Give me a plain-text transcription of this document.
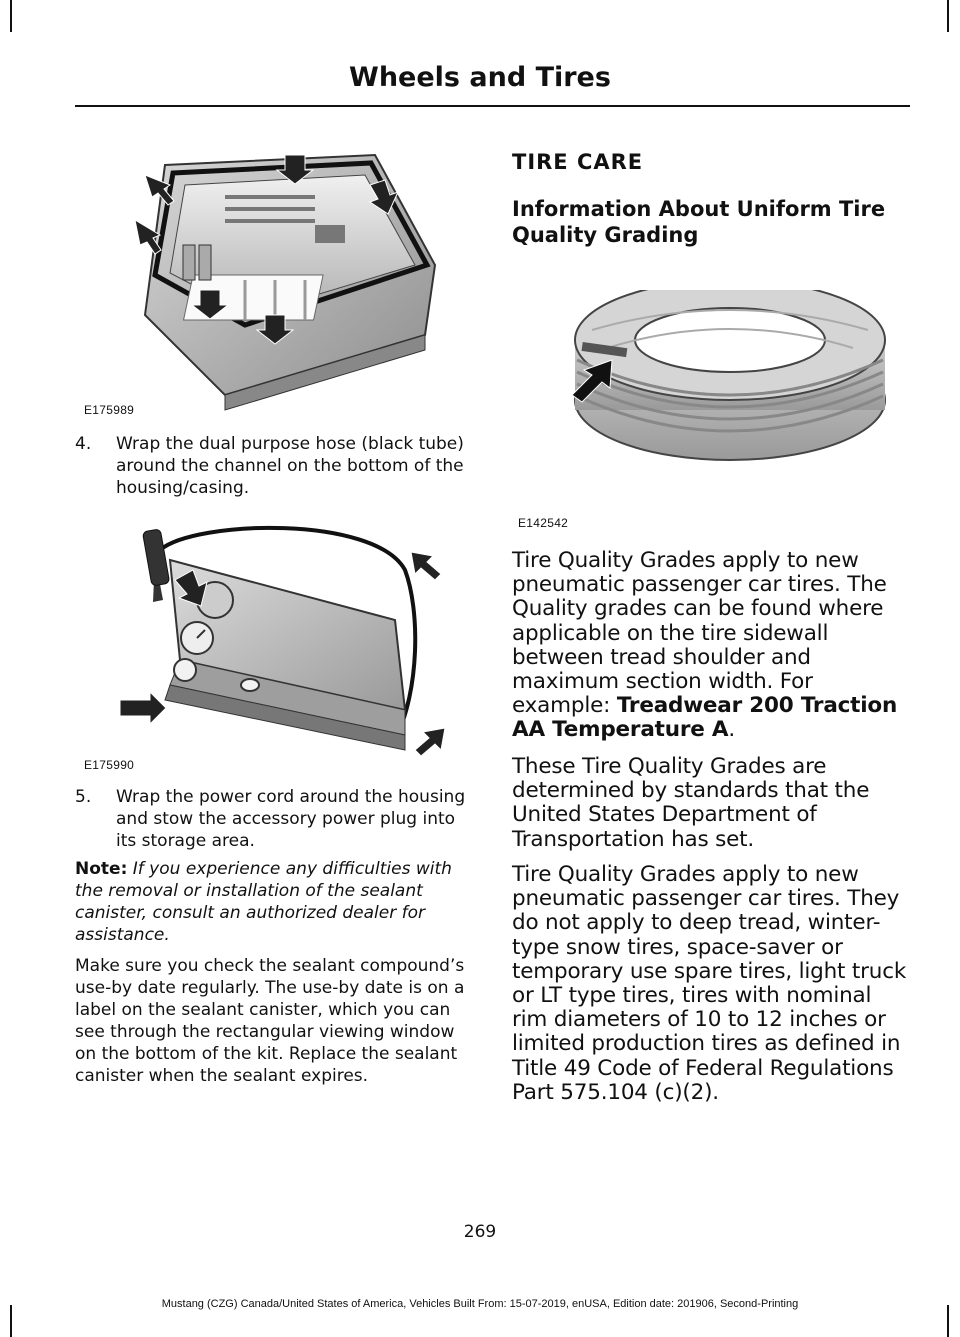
Wheels and Tires
E175989
4. Wrap the dual purpose hose (black tube) around the channel on the bottom of the housing/casing.
E175990
5. Wrap the power cord around the housing and stow the accessory power plug into its storage area.
Note: If you experience any difficulties with the removal or installation of the sealant canister, consult an authorized dealer for assistance.
Make sure you check the sealant compound’s use-by date regularly. The use-by date is on a label on the sealant canister, which you can see through the rectangular viewing window on the bottom of the kit. Replace the sealant canister when the sealant expires.
TIRE CARE
Information About Uniform Tire Quality Grading
E142542
Tire Quality Grades apply to new pneumatic passenger car tires. The Quality grades can be found where applicable on the tire sidewall between tread shoulder and maximum section width. For example: Treadwear 200 Traction AA Temperature A.
These Tire Quality Grades are determined by standards that the United States Department of Transportation has set.
Tire Quality Grades apply to new pneumatic passenger car tires. They do not apply to deep tread, winter-type snow tires, space-saver or temporary use spare tires, light truck or LT type tires, tires with nominal rim diameters of 10 to 12 inches or limited production tires as defined in Title 49 Code of Federal Regulations Part 575.104 (c)(2).
269
Mustang (CZG) Canada/United States of America, Vehicles Built From: 15-07-2019, enUSA, Edition date: 201906, Second-Printing
